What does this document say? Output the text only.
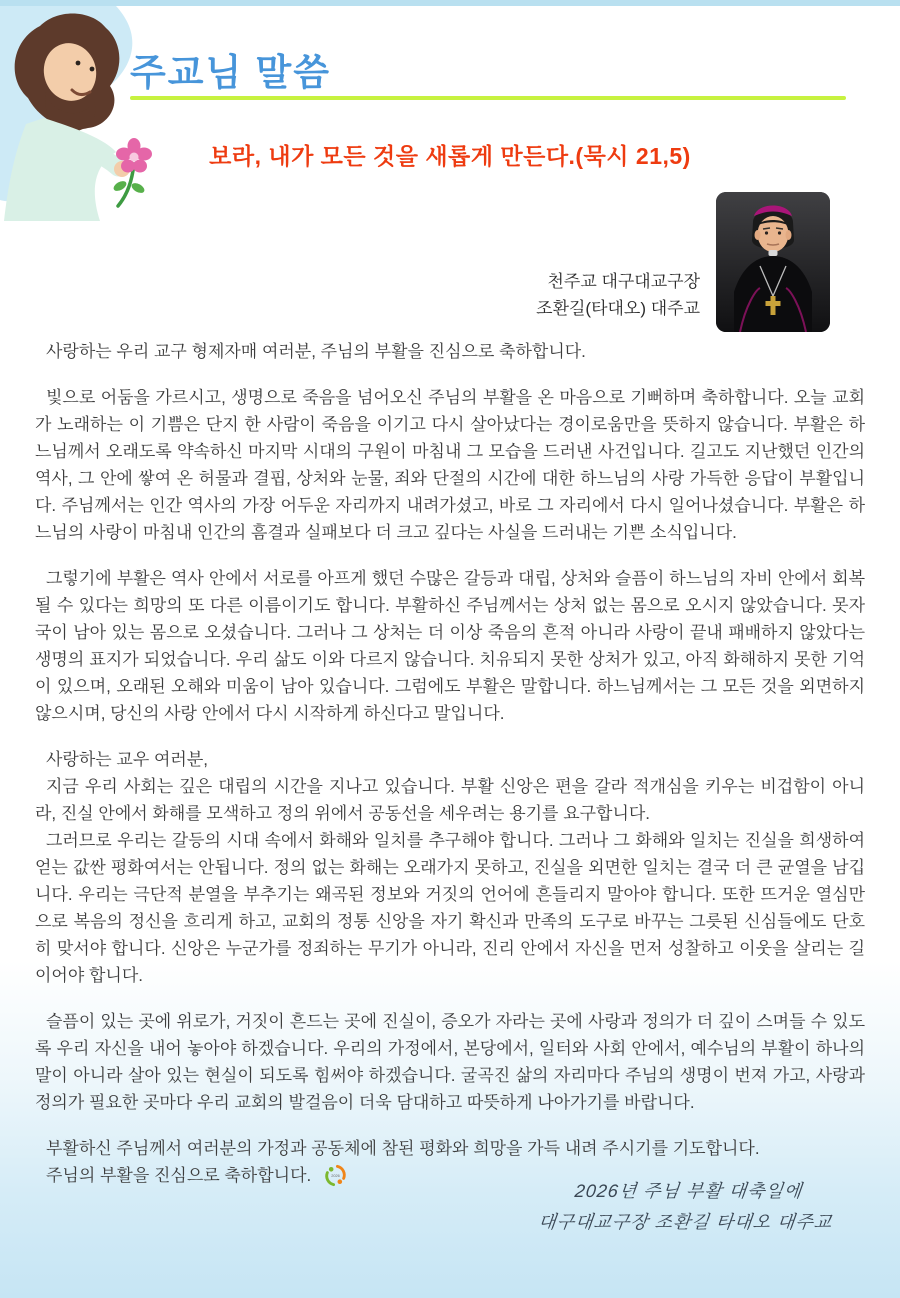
주교님 말씀
보라, 내가 모든 것을 새롭게 만든다.(묵시 21,5)
천주교 대구대교구장
조환길(타대오) 대주교

사랑하는 우리 교구 형제자매 여러분, 주님의 부활을 진심으로 축하합니다.

빛으로 어둠을 가르시고, 생명으로 죽음을 넘어오신 주님의 부활을 온 마음으로 기뻐하며 축하합니다. 오늘 교회가 노래하는 이 기쁨은 단지 한 사람이 죽음을 이기고 다시 살아났다는 경이로움만을 뜻하지 않습니다. 부활은 하느님께서 오래도록 약속하신 마지막 시대의 구원이 마침내 그 모습을 드러낸 사건입니다. 길고도 지난했던 인간의 역사, 그 안에 쌓여 온 허물과 결핍, 상처와 눈물, 죄와 단절의 시간에 대한 하느님의 사랑 가득한 응답이 부활입니다. 주님께서는 인간 역사의 가장 어두운 자리까지 내려가셨고, 바로 그 자리에서 다시 일어나셨습니다. 부활은 하느님의 사랑이 마침내 인간의 흠결과 실패보다 더 크고 깊다는 사실을 드러내는 기쁜 소식입니다.

그렇기에 부활은 역사 안에서 서로를 아프게 했던 수많은 갈등과 대립, 상처와 슬픔이 하느님의 자비 안에서 회복될 수 있다는 희망의 또 다른 이름이기도 합니다. 부활하신 주님께서는 상처 없는 몸으로 오시지 않았습니다. 못자국이 남아 있는 몸으로 오셨습니다. 그러나 그 상처는 더 이상 죽음의 흔적 아니라 사랑이 끝내 패배하지 않았다는 생명의 표지가 되었습니다. 우리 삶도 이와 다르지 않습니다. 치유되지 못한 상처가 있고, 아직 화해하지 못한 기억이 있으며, 오래된 오해와 미움이 남아 있습니다. 그럼에도 부활은 말합니다. 하느님께서는 그 모든 것을 외면하지 않으시며, 당신의 사랑 안에서 다시 시작하게 하신다고 말입니다.

사랑하는 교우 여러분,

지금 우리 사회는 깊은 대립의 시간을 지나고 있습니다. 부활 신앙은 편을 갈라 적개심을 키우는 비겁함이 아니라, 진실 안에서 화해를 모색하고 정의 위에서 공동선을 세우려는 용기를 요구합니다.

그러므로 우리는 갈등의 시대 속에서 화해와 일치를 추구해야 합니다. 그러나 그 화해와 일치는 진실을 희생하여 얻는 값싼 평화여서는 안됩니다. 정의 없는 화해는 오래가지 못하고, 진실을 외면한 일치는 결국 더 큰 균열을 남깁니다. 우리는 극단적 분열을 부추기는 왜곡된 정보와 거짓의 언어에 흔들리지 말아야 합니다. 또한 뜨거운 열심만으로 복음의 정신을 흐리게 하고, 교회의 정통 신앙을 자기 확신과 만족의 도구로 바꾸는 그릇된 신심들에도 단호히 맞서야 합니다. 신앙은 누군가를 정죄하는 무기가 아니라, 진리 안에서 자신을 먼저 성찰하고 이웃을 살리는 길이어야 합니다.

슬픔이 있는 곳에 위로가, 거짓이 흔드는 곳에 진실이, 증오가 자라는 곳에 사랑과 정의가 더 깊이 스며들 수 있도록 우리 자신을 내어 놓아야 하겠습니다. 우리의 가정에서, 본당에서, 일터와 사회 안에서, 예수님의 부활이 하나의 말이 아니라 살아 있는 현실이 되도록 힘써야 하겠습니다. 굴곡진 삶의 자리마다 주님의 생명이 번져 가고, 사랑과 정의가 필요한 곳마다 우리 교회의 발걸음이 더욱 담대하고 따뜻하게 나아가기를 바랍니다.

부활하신 주님께서 여러분의 가정과 공동체에 참된 평화와 희망을 가득 내려 주시기를 기도합니다.

주님의 부활을 진심으로 축하합니다.	2026

2026년 주님 부활 대축일에
대구대교구장 조환길 타대오 대주교
